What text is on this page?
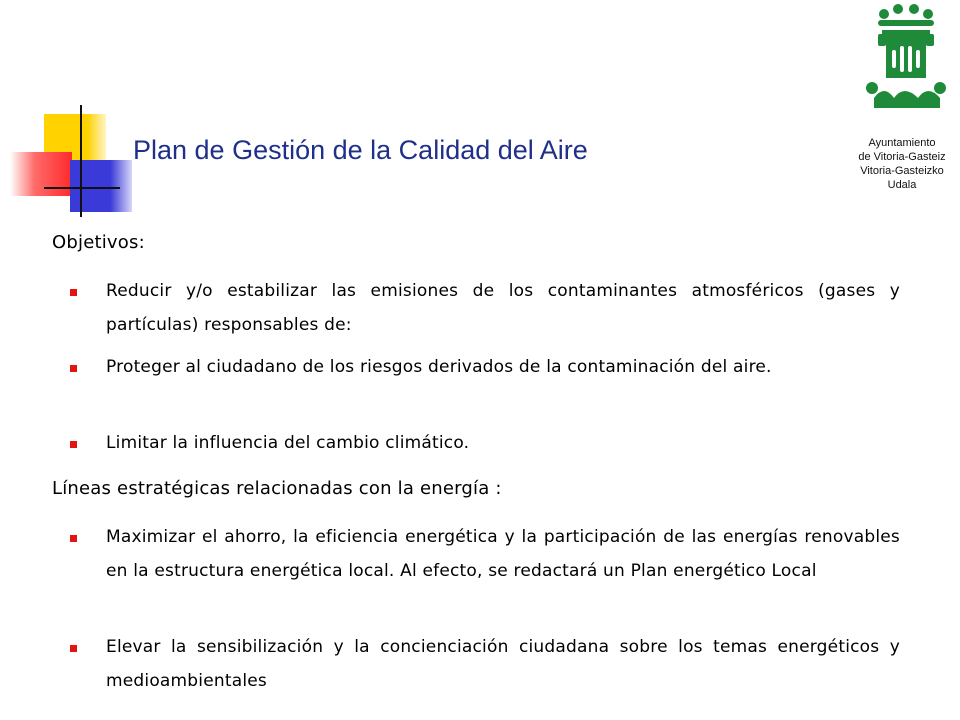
Plan de Gestión de la Calidad del Aire	Ayuntamiento
de Vitoria-Gasteiz
Vitoria-Gasteizko
Udala
Objetivos:
Reducir y/o estabilizar las emisiones de los contaminantes atmosféricos (gases y partículas) responsables de:
Proteger al ciudadano de los riesgos derivados de la contaminación del aire.
Limitar la influencia del cambio climático.
Líneas estratégicas relacionadas con la energía :
Maximizar el ahorro, la eficiencia energética y la participación de las energías renovables en la estructura energética local. Al efecto, se redactará un Plan energético Local
Elevar la sensibilización y la concienciación ciudadana sobre los temas energéticos y medioambientales
